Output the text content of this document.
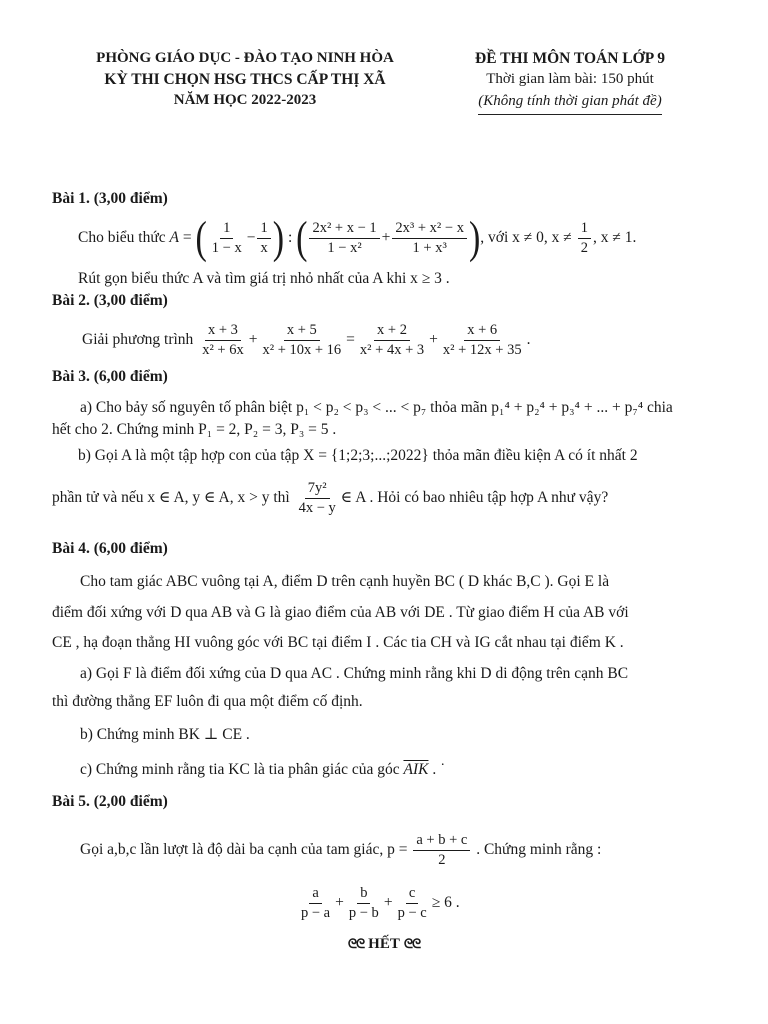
PHÒNG GIÁO DỤC - ĐÀO TẠO NINH HÒA
KỲ THI CHỌN HSG THCS CẤP THỊ XÃ
NĂM HỌC 2022-2023
ĐỀ THI MÔN TOÁN LỚP 9
Thời gian làm bài: 150 phút
(Không tính thời gian phát đề)
Bài 1. (3,00 điểm)
Cho biểu thức A = ( $\frac{1}{1 - x} - \frac{1}{x}$ ) : ( $\frac{\text{2x² + x − 1}}{\text{1 − x²}} + \frac{\text{2x³ + x² − x}}{\text{1 + x³}}$ ), với x ≠ 0, $x \ne \frac{1}{2}$ , x ≠ 1.
Rút gọn biểu thức A và tìm giá trị nhỏ nhất của A khi x ≥ 3 .
Bài 2. (3,00 điểm)
Giải phương trình $\frac{x + 3}{\text{x² + 6x}} + \frac{x + 5}{\text{x² + 10x + 16}} = \frac{x + 2}{\text{x² + 4x + 3}} + \frac{x + 6}{\text{x² + 12x + 35}}$ .
Bài 3. (6,00 điểm)
a) Cho bảy số nguyên tố phân biệt p₁ < p₂ < p₃ < ... < p₇ thỏa mãn p₁⁴ + p₂⁴ + p₃⁴ + ... + p₇⁴ chia
hết cho 2. Chứng minh P₁ = 2, P₂ = 3, P₃ = 5 .
b) Gọi A là một tập hợp con của tập X = {1;2;3;...;2022} thỏa mãn điều kiện A có ít nhất 2
phần tử và nếu x ∈ A, y ∈ A, x > y thì $\frac{\text{7y²}}{4x - y}$ ∈ A . Hỏi có bao nhiêu tập hợp A như vậy?
Bài 4. (6,00 điểm)
Cho tam giác ABC vuông tại A, điểm D trên cạnh huyền BC ( D khác B,C ). Gọi E là
điểm đối xứng với D qua AB và G là giao điểm của AB với DE . Từ giao điểm H của AB với
CE , hạ đoạn thẳng HI vuông góc với BC tại điểm I . Các tia CH và IG cắt nhau tại điểm K .
a) Gọi F là điểm đối xứng của D qua AC . Chứng minh rằng khi D di động trên cạnh BC
thì đường thẳng EF luôn đi qua một điểm cố định.
b) Chứng minh BK ⊥ CE .
c) Chứng minh rằng tia KC là tia phân giác của góc $\overline{AIK}$ . ˙
Bài 5. (2,00 điểm)
Gọi a,b,c lần lượt là độ dài ba cạnh của tam giác, $p = \frac{a + b + c}{2}$ . Chứng minh rằng :
$\frac{a}{p - a} + \frac{b}{p - b} + \frac{c}{p - c} \ge 6$ .
ᘓᘓ HẾT ᘓᘓ
